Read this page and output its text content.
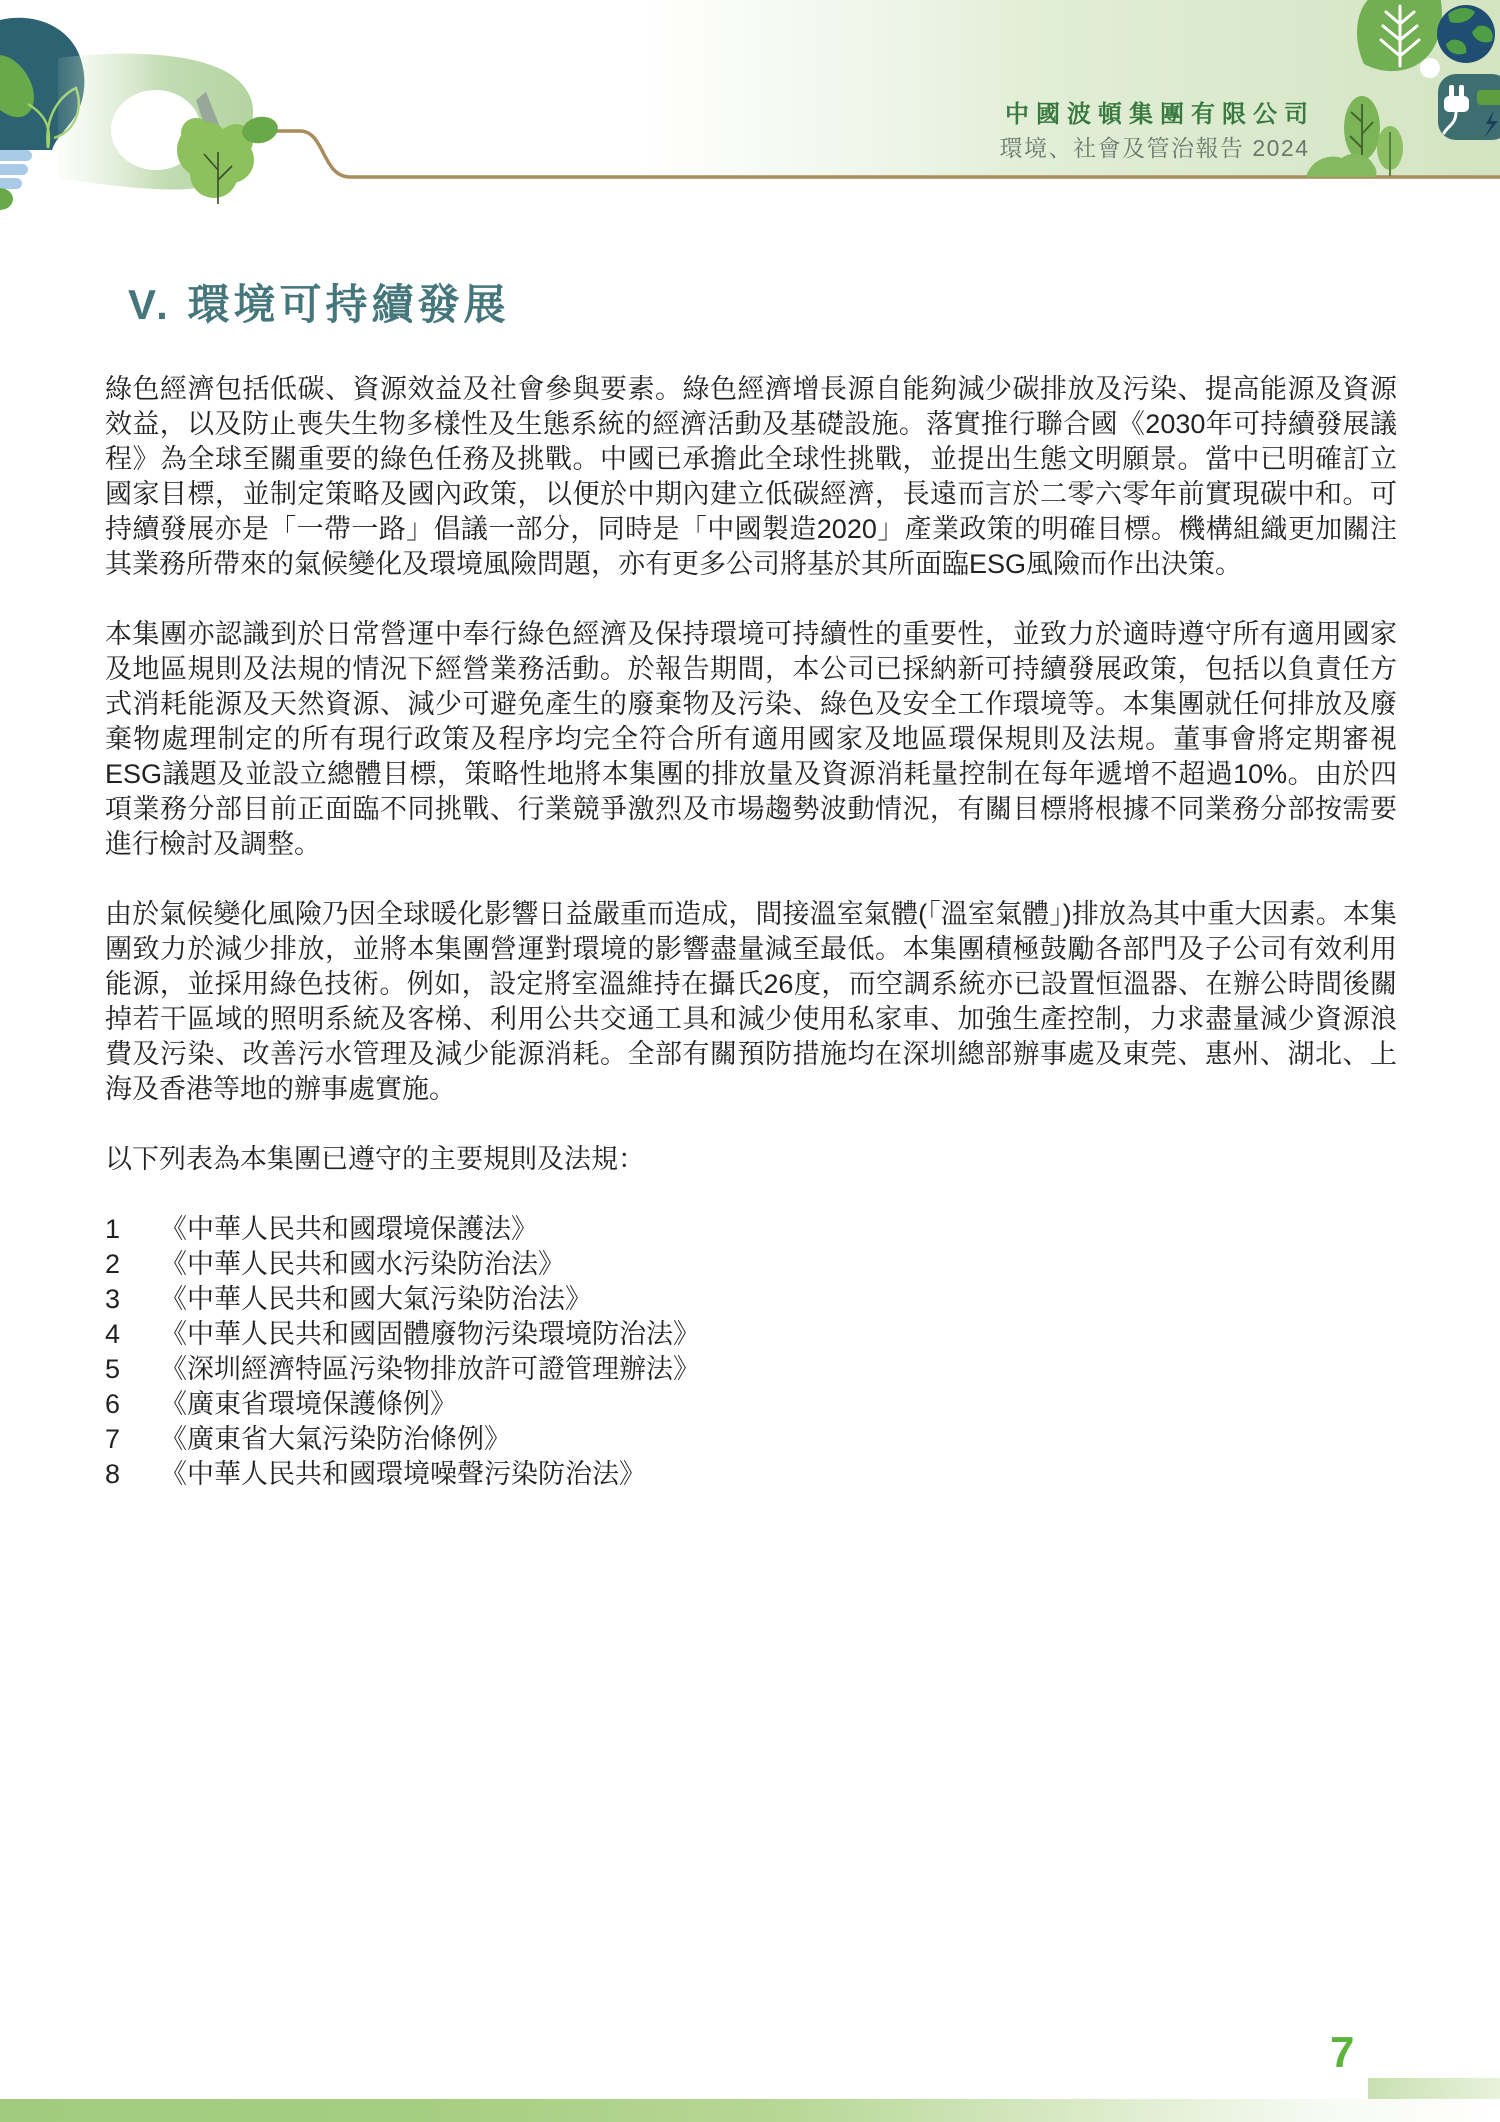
中國波頓集團有限公司
環境、社會及管治報告 2024
V. 環境可持續發展

綠色經濟包括低碳、資源效益及社會參與要素。綠色經濟增長源自能夠減少碳排放及污染、提高能源及資源效益，以及防止喪失生物多樣性及生態系統的經濟活動及基礎設施。落實推行聯合國《2030年可持續發展議程》為全球至關重要的綠色任務及挑戰。中國已承擔此全球性挑戰，並提出生態文明願景。當中已明確訂立國家目標，並制定策略及國內政策，以便於中期內建立低碳經濟，長遠而言於二零六零年前實現碳中和。可持續發展亦是「一帶一路」倡議一部分，同時是「中國製造2020」產業政策的明確目標。機構組織更加關注其業務所帶來的氣候變化及環境風險問題，亦有更多公司將基於其所面臨ESG風險而作出決策。

本集團亦認識到於日常營運中奉行綠色經濟及保持環境可持續性的重要性，並致力於適時遵守所有適用國家及地區規則及法規的情況下經營業務活動。於報告期間，本公司已採納新可持續發展政策，包括以負責任方式消耗能源及天然資源、減少可避免產生的廢棄物及污染、綠色及安全工作環境等。本集團就任何排放及廢棄物處理制定的所有現行政策及程序均完全符合所有適用國家及地區環保規則及法規。董事會將定期審視ESG議題及並設立總體目標，策略性地將本集團的排放量及資源消耗量控制在每年遞增不超過10%。由於四項業務分部目前正面臨不同挑戰、行業競爭激烈及市場趨勢波動情況，有關目標將根據不同業務分部按需要進行檢討及調整。

由於氣候變化風險乃因全球暖化影響日益嚴重而造成，間接溫室氣體(「溫室氣體」)排放為其中重大因素。本集團致力於減少排放，並將本集團營運對環境的影響盡量減至最低。本集團積極鼓勵各部門及子公司有效利用能源，並採用綠色技術。例如，設定將室溫維持在攝氏26度，而空調系統亦已設置恒溫器、在辦公時間後關掉若干區域的照明系統及客梯、利用公共交通工具和減少使用私家車、加強生產控制，力求盡量減少資源浪費及污染、改善污水管理及減少能源消耗。全部有關預防措施均在深圳總部辦事處及東莞、惠州、湖北、上海及香港等地的辦事處實施。

以下列表為本集團已遵守的主要規則及法規：

1	《中華人民共和國環境保護法》
2	《中華人民共和國水污染防治法》
3	《中華人民共和國大氣污染防治法》
4	《中華人民共和國固體廢物污染環境防治法》
5	《深圳經濟特區污染物排放許可證管理辦法》
6	《廣東省環境保護條例》
7	《廣東省大氣污染防治條例》
8	《中華人民共和國環境噪聲污染防治法》
7
